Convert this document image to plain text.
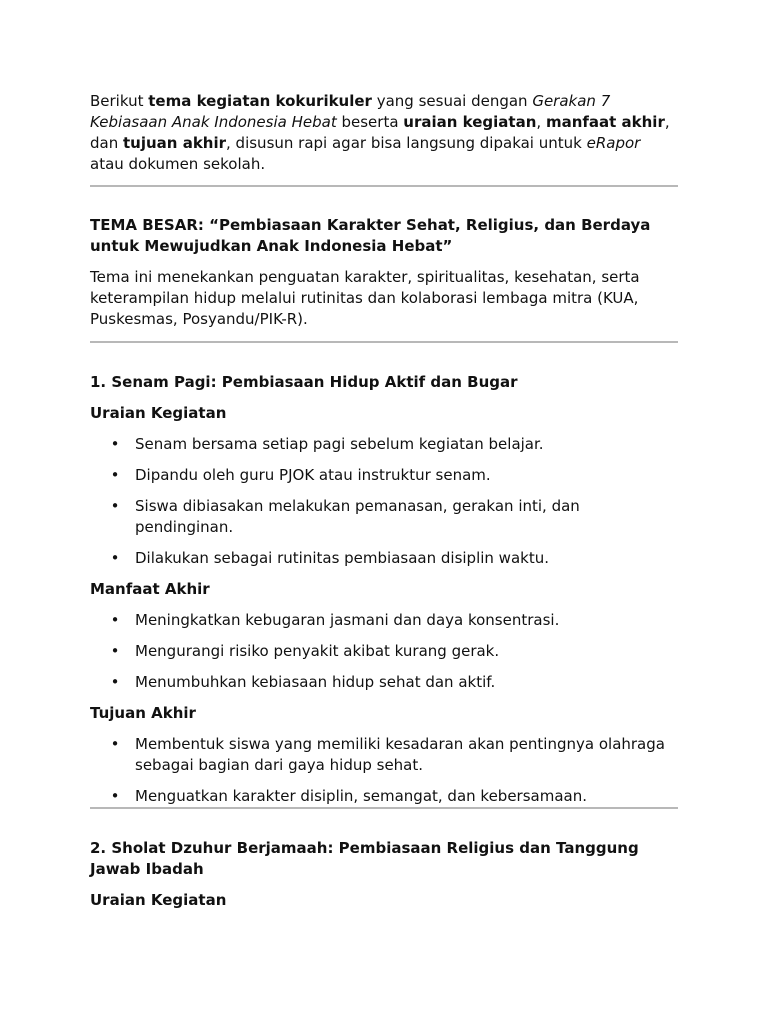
Berikut tema kegiatan kokurikuler yang sesuai dengan Gerakan 7 Kebiasaan Anak Indonesia Hebat beserta uraian kegiatan, manfaat akhir, dan tujuan akhir, disusun rapi agar bisa langsung dipakai untuk eRapor atau dokumen sekolah.

TEMA BESAR: “Pembiasaan Karakter Sehat, Religius, dan Berdaya untuk Mewujudkan Anak Indonesia Hebat”

Tema ini menekankan penguatan karakter, spiritualitas, kesehatan, serta keterampilan hidup melalui rutinitas dan kolaborasi lembaga mitra (KUA, Puskesmas, Posyandu/PIK-R).

1. Senam Pagi: Pembiasaan Hidup Aktif dan Bugar

Uraian Kegiatan

• Senam bersama setiap pagi sebelum kegiatan belajar.
• Dipandu oleh guru PJOK atau instruktur senam.
• Siswa dibiasakan melakukan pemanasan, gerakan inti, dan pendinginan.
• Dilakukan sebagai rutinitas pembiasaan disiplin waktu.

Manfaat Akhir

• Meningkatkan kebugaran jasmani dan daya konsentrasi.
• Mengurangi risiko penyakit akibat kurang gerak.
• Menumbuhkan kebiasaan hidup sehat dan aktif.

Tujuan Akhir

• Membentuk siswa yang memiliki kesadaran akan pentingnya olahraga sebagai bagian dari gaya hidup sehat.
• Menguatkan karakter disiplin, semangat, dan kebersamaan.

2. Sholat Dzuhur Berjamaah: Pembiasaan Religius dan Tanggung Jawab Ibadah

Uraian Kegiatan
